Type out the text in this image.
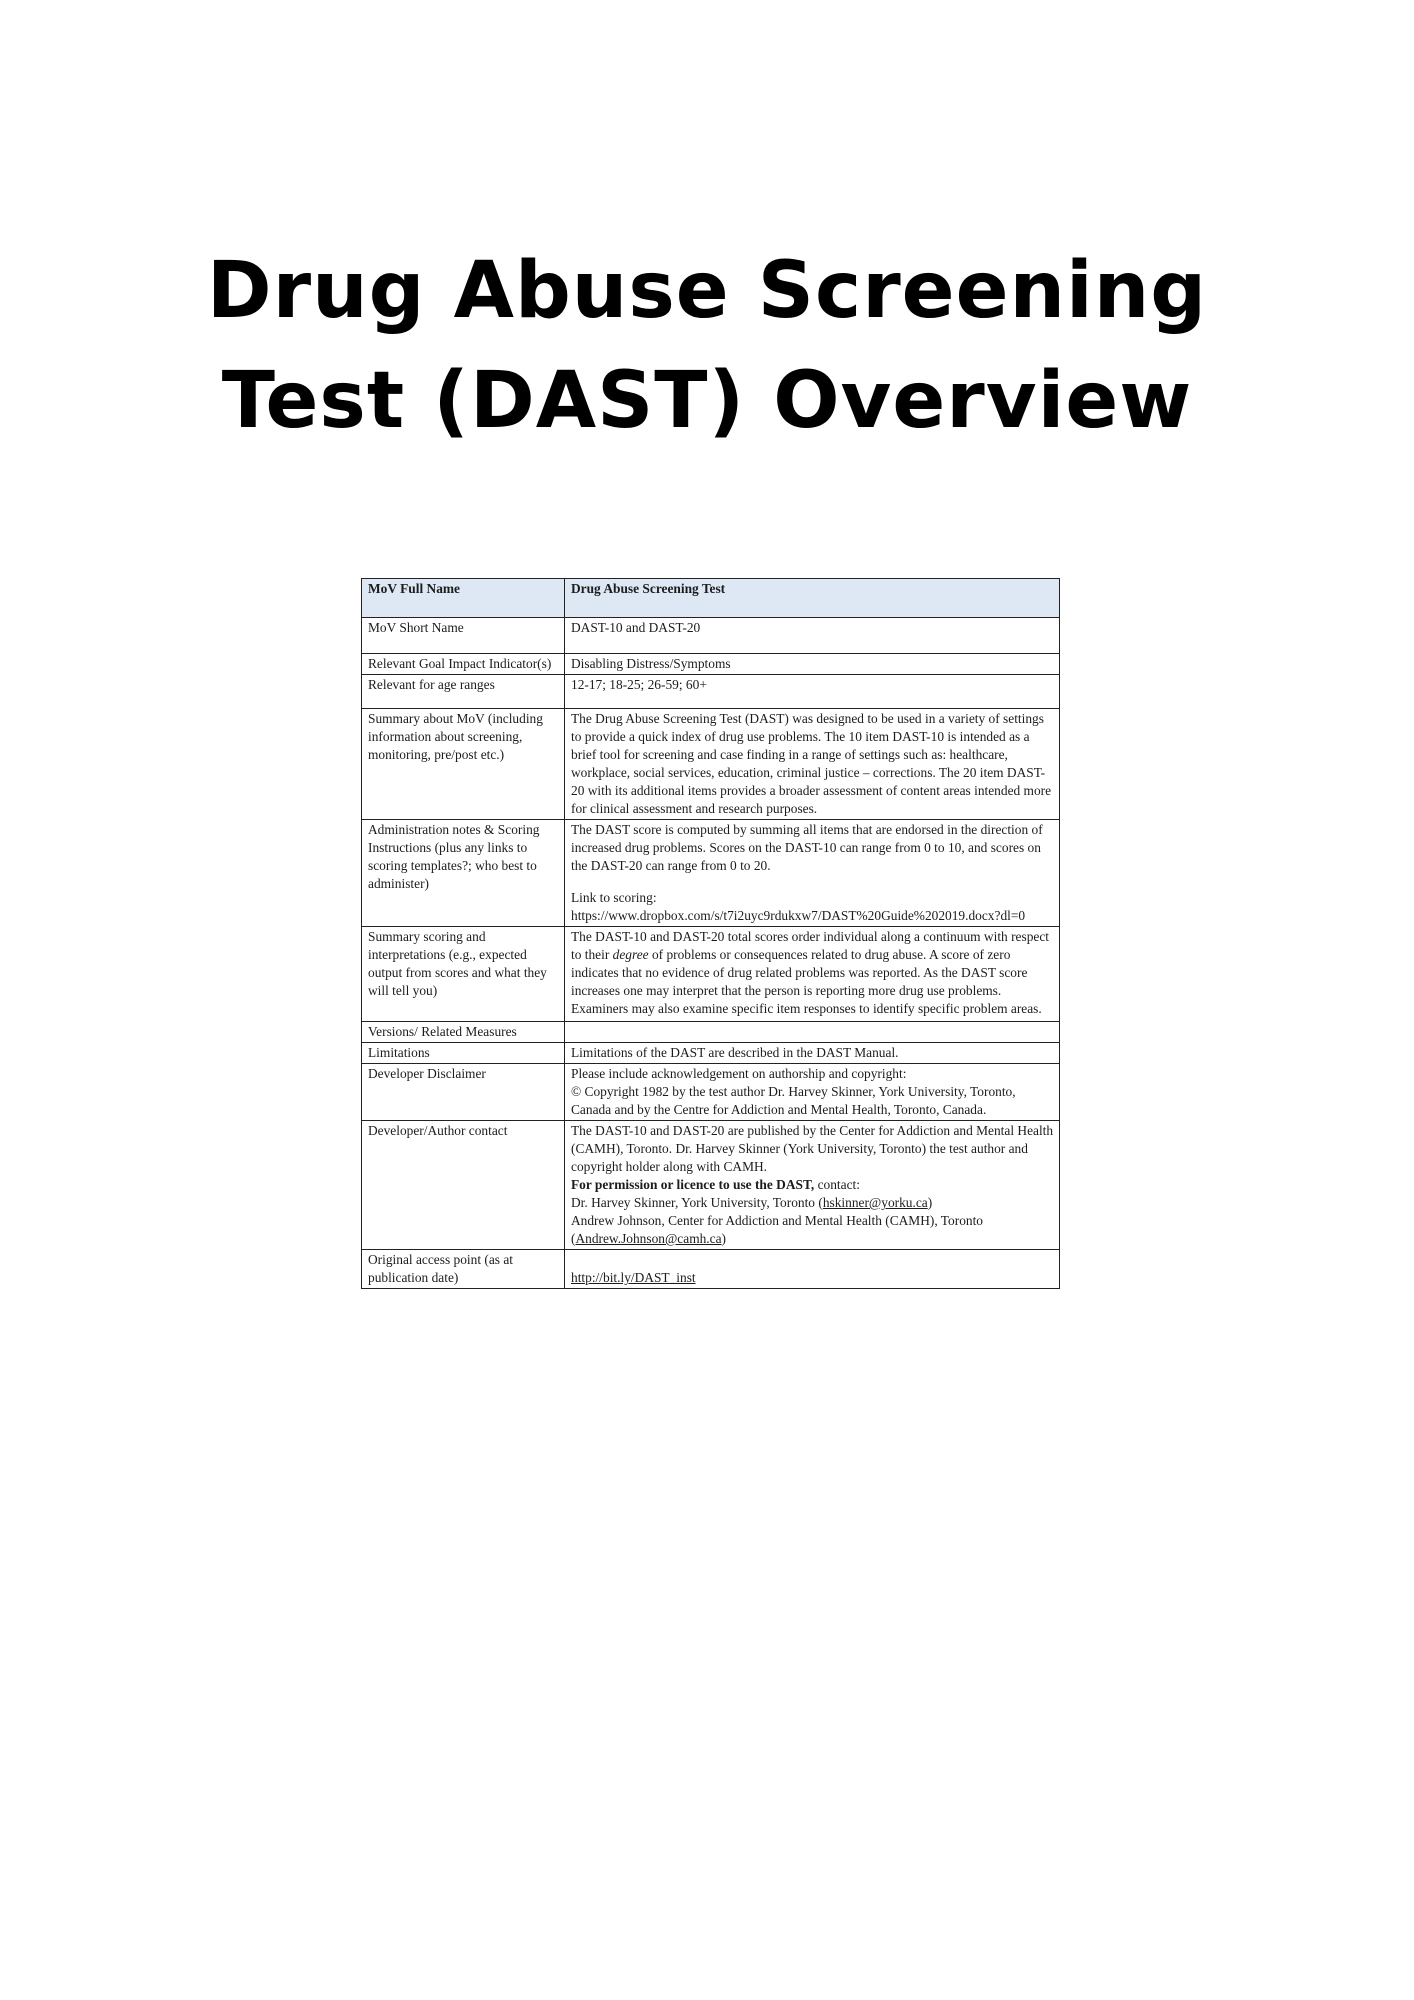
Drug Abuse Screening
Test (DAST) Overview
MoV Full Name	Drug Abuse Screening Test
MoV Short Name	DAST-10 and DAST-20
Relevant Goal Impact Indicator(s)	Disabling Distress/Symptoms
Relevant for age ranges	12-17; 18-25; 26-59; 60+
Summary about MoV (including information about screening, monitoring, pre/post etc.)	The Drug Abuse Screening Test (DAST) was designed to be used in a variety of settings to provide a quick index of drug use problems. The 10 item DAST-10 is intended as a brief tool for screening and case finding in a range of settings such as: healthcare, workplace, social services, education, criminal justice – corrections. The 20 item DAST-20 with its additional items provides a broader assessment of content areas intended more for clinical assessment and research purposes.
Administration notes & Scoring Instructions (plus any links to scoring templates?; who best to administer)	The DAST score is computed by summing all items that are endorsed in the direction of increased drug problems. Scores on the DAST-10 can range from 0 to 10, and scores on the DAST-20 can range from 0 to 20.

Link to scoring:

https://www.dropbox.com/s/t7i2uyc9rdukxw7/DAST%20Guide%202019.docx?dl=0

Summary scoring and interpretations (e.g., expected output from scores and what they will tell you)	The DAST-10 and DAST-20 total scores order individual along a continuum with respect to their degree of problems or consequences related to drug abuse. A score of zero indicates that no evidence of drug related problems was reported. As the DAST score increases one may interpret that the person is reporting more drug use problems. Examiners may also examine specific item responses to identify specific problem areas.
Versions/ Related Measures	
Limitations	Limitations of the DAST are described in the DAST Manual.
Developer Disclaimer	Please include acknowledgement on authorship and copyright:

© Copyright 1982 by the test author Dr. Harvey Skinner, York University, Toronto, Canada and by the Centre for Addiction and Mental Health, Toronto, Canada.

Developer/Author contact	The DAST-10 and DAST-20 are published by the Center for Addiction and Mental Health (CAMH), Toronto. Dr. Harvey Skinner (York University, Toronto) the test author and copyright holder along with CAMH.

For permission or licence to use the DAST, contact:

Dr. Harvey Skinner, York University, Toronto (hskinner@yorku.ca)

Andrew Johnson, Center for Addiction and Mental Health (CAMH), Toronto (Andrew.Johnson@camh.ca)

Original access point (as at publication date)	http://bit.ly/DAST_inst
